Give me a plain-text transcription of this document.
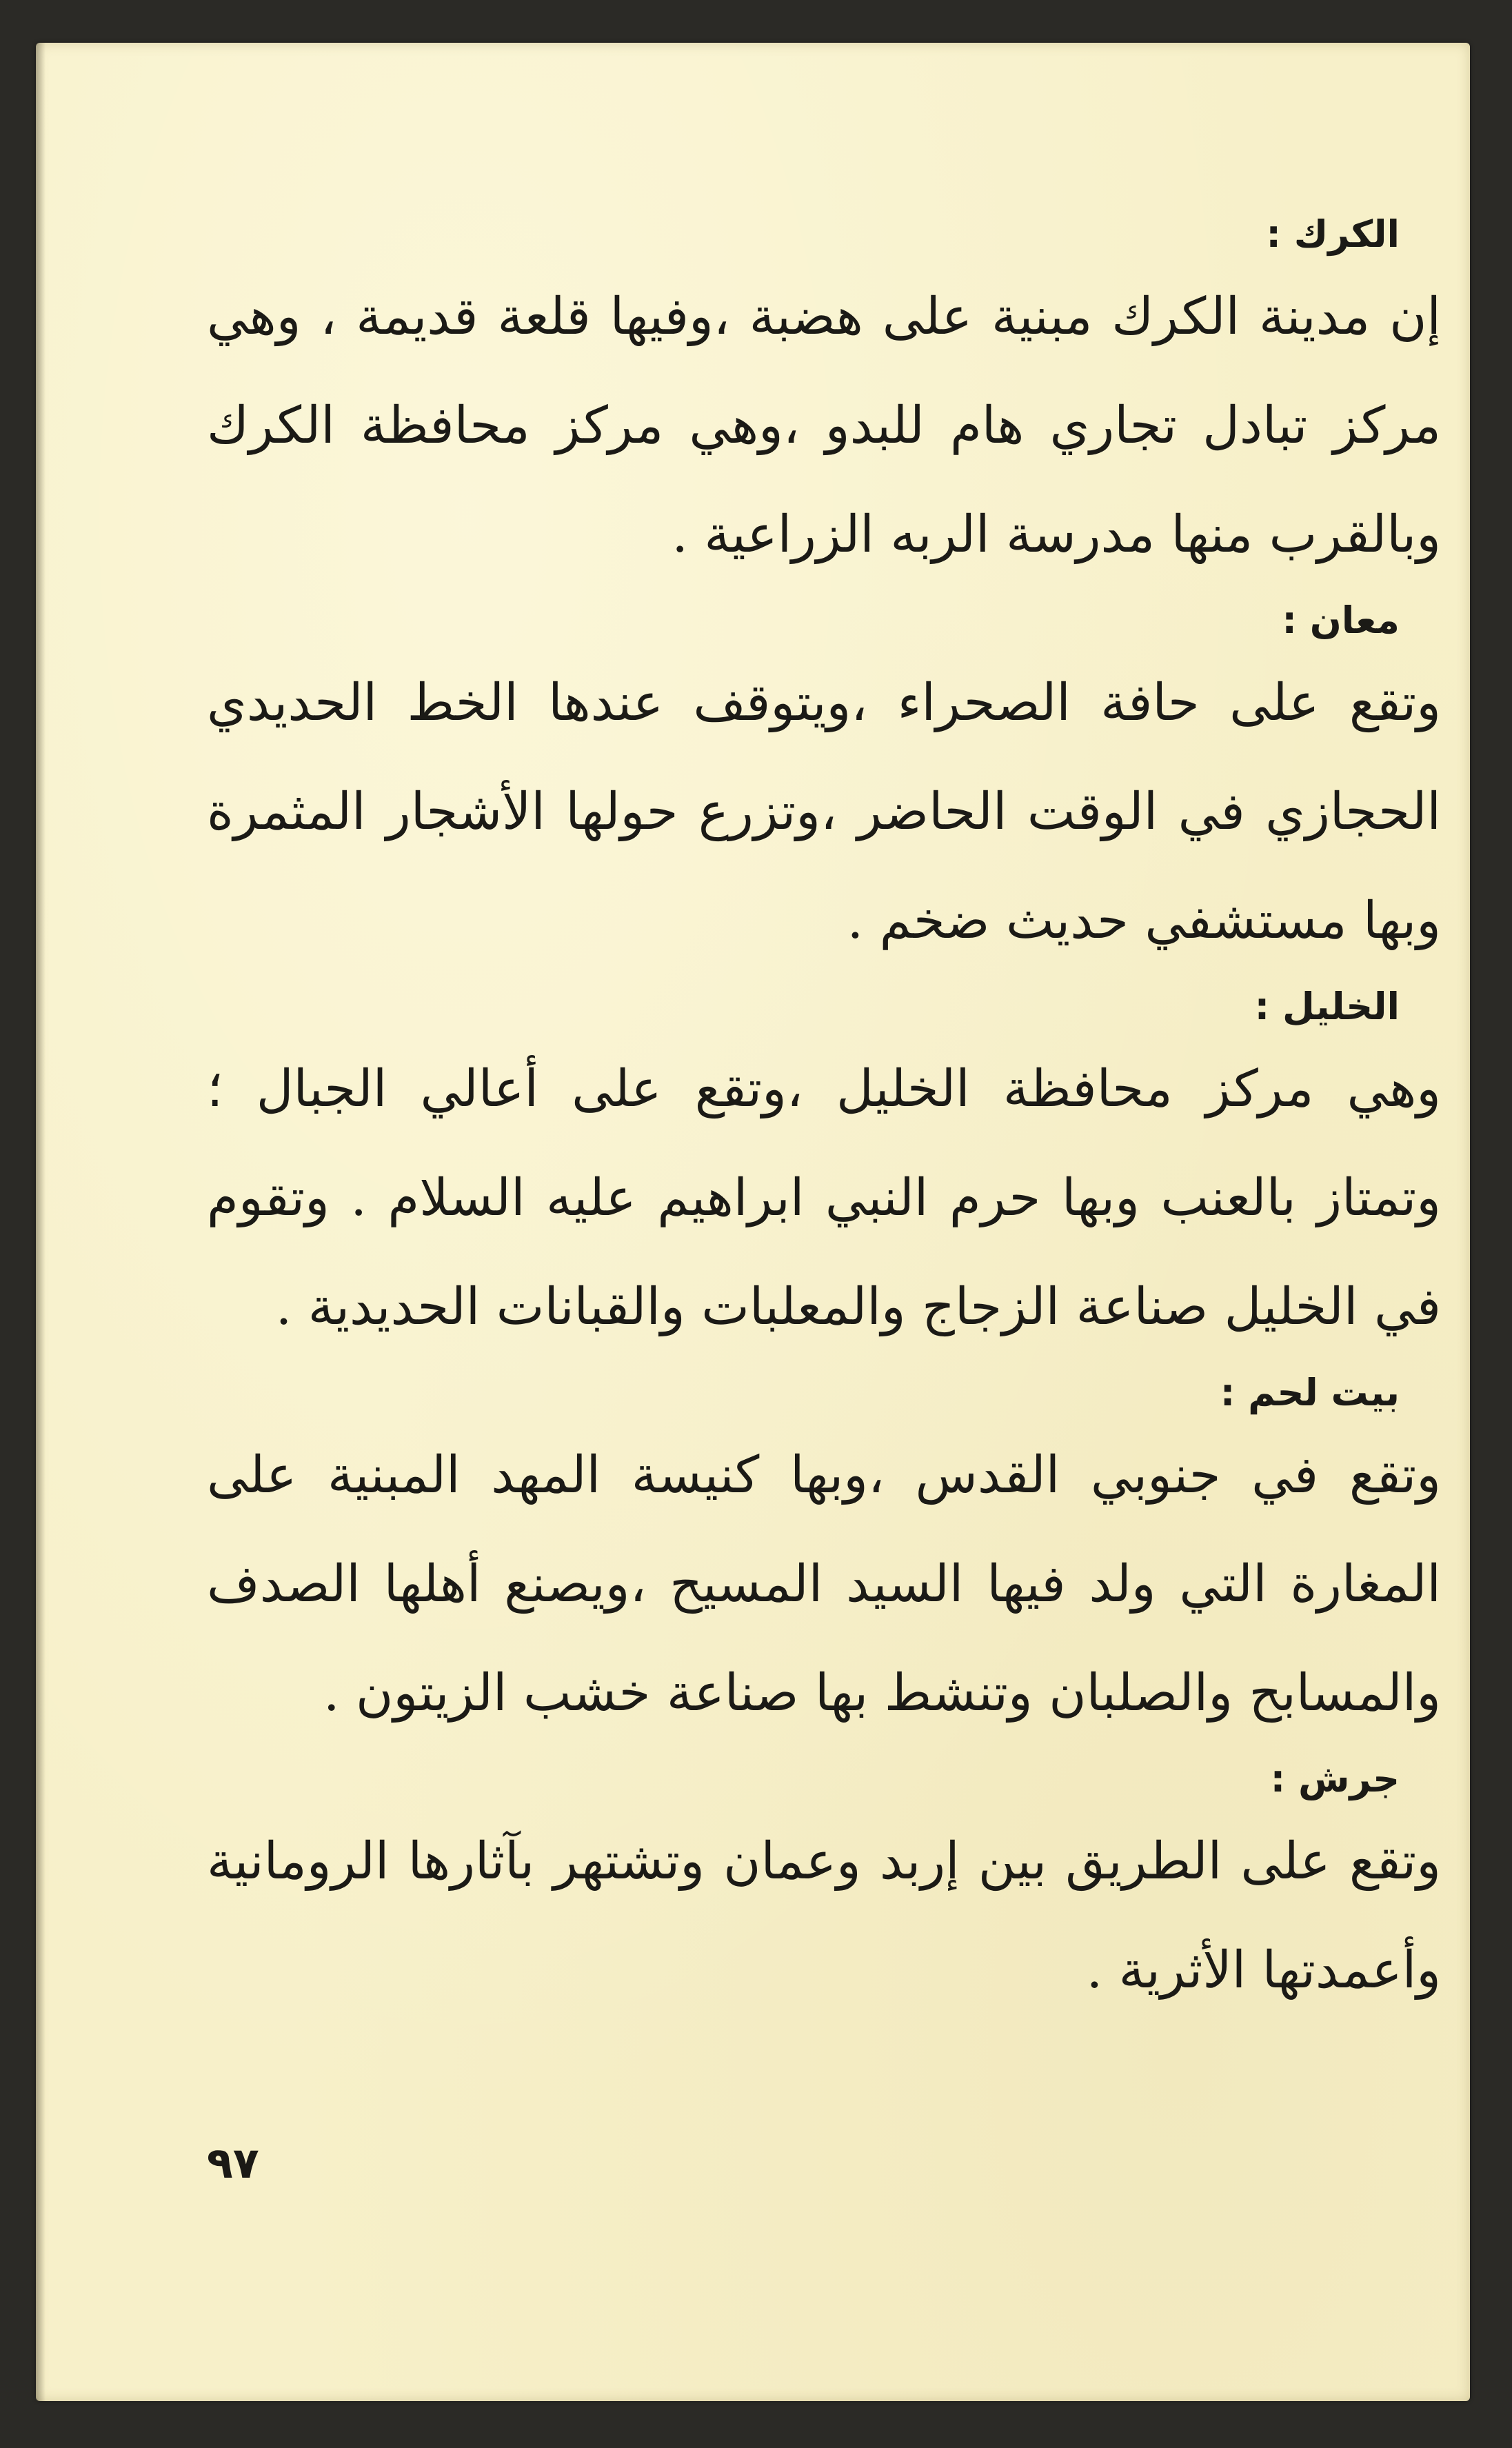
الكرك :

إن مدينة الكرك مبنية على هضبة ،وفيها قلعة قديمة ، وهي مركز تبادل تجاري هام للبدو ،وهي مركز محافظة الكرك وبالقرب منها مدرسة الربه الزراعية .

معان :

وتقع على حافة الصحراء ،ويتوقف عندها الخط الحديدي الحجازي في الوقت الحاضر ،وتزرع حولها الأشجار المثمرة وبها مستشفي حديث ضخم .

الخليل :

وهي مركز محافظة الخليل ،وتقع على أعالي الجبال ؛ وتمتاز بالعنب وبها حرم النبي ابراهيم عليه السلام . وتقوم في الخليل صناعة الزجاج والمعلبات والقبانات الحديدية .

بيت لحم :

وتقع في جنوبي القدس ،وبها كنيسة المهد المبنية على المغارة التي ولد فيها السيد المسيح ،ويصنع أهلها الصدف والمسابح والصلبان وتنشط بها صناعة خشب الزيتون .

جرش :

وتقع على الطريق بين إربد وعمان وتشتهر بآثارها الرومانية وأعمدتها الأثرية .

٩٧
